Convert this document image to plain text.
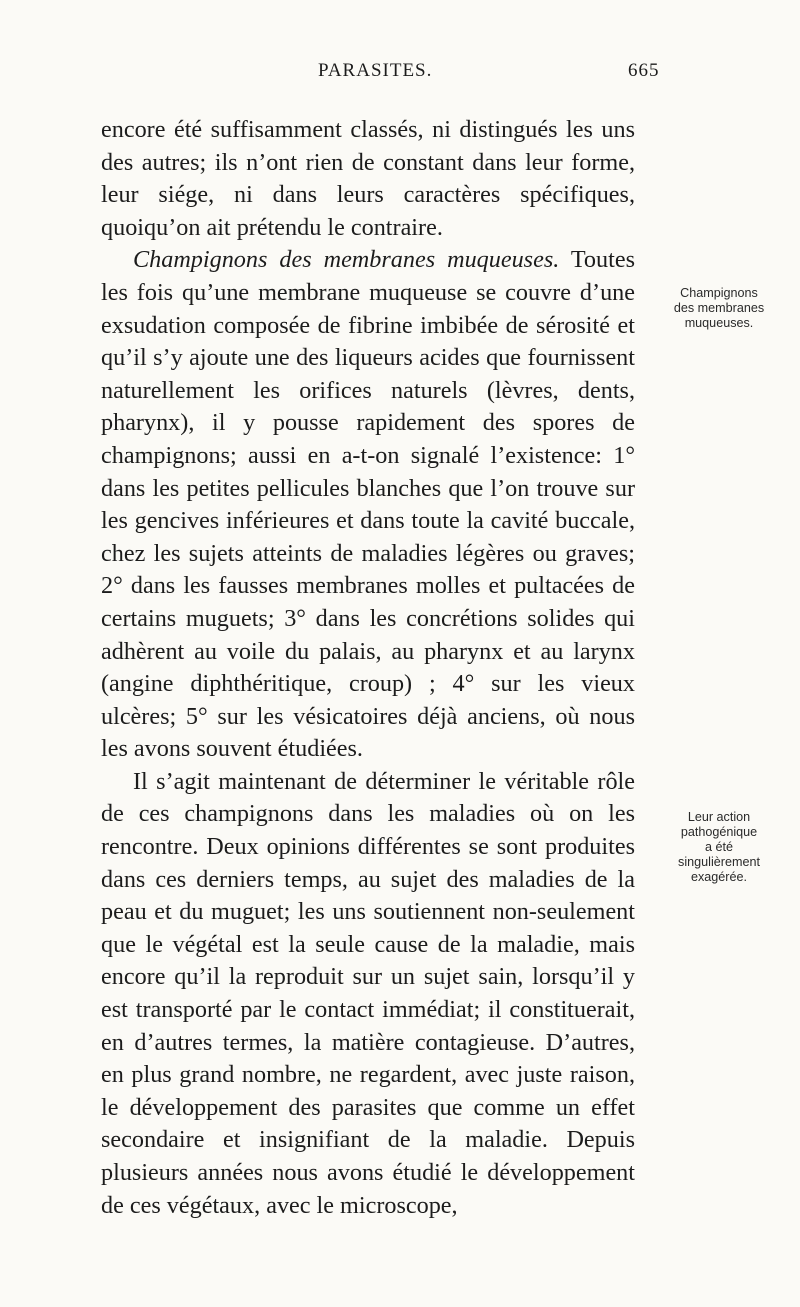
PARASITES.	665

encore été suffisamment classés, ni distingués les uns des autres; ils n’ont rien de constant dans leur forme, leur siége, ni dans leurs caractères spécifiques, quoiqu’on ait prétendu le contraire.

Champignons des membranes muqueuses. Toutes les fois qu’une membrane muqueuse se couvre d’une exsudation composée de fibrine imbibée de sérosité et qu’il s’y ajoute une des liqueurs acides que fournissent naturellement les orifices naturels (lèvres, dents, pharynx), il y pousse rapidement des spores de champignons; aussi en a-t-on signalé l’existence: 1° dans les petites pellicules blanches que l’on trouve sur les gencives inférieures et dans toute la cavité buccale, chez les sujets atteints de maladies légères ou graves; 2° dans les fausses membranes molles et pultacées de certains muguets; 3° dans les concrétions solides qui adhèrent au voile du palais, au pharynx et au larynx (angine diphthéritique, croup) ; 4° sur les vieux ulcères; 5° sur les vésicatoires déjà anciens, où nous les avons souvent étudiées.

Il s’agit maintenant de déterminer le véritable rôle de ces champignons dans les maladies où on les rencontre. Deux opinions différentes se sont produites dans ces derniers temps, au sujet des maladies de la peau et du muguet; les uns soutiennent non-seulement que le végétal est la seule cause de la maladie, mais encore qu’il la reproduit sur un sujet sain, lorsqu’il y est transporté par le contact immédiat; il constituerait, en d’autres termes, la matière contagieuse. D’autres, en plus grand nombre, ne regardent, avec juste raison, le développement des parasites que comme un effet secondaire et insignifiant de la maladie. Depuis plusieurs années nous avons étudié le développement de ces végétaux, avec le microscope,

Champignons
des membranes
muqueuses.
Leur action
pathogénique
a été
singulièrement
exagérée.
